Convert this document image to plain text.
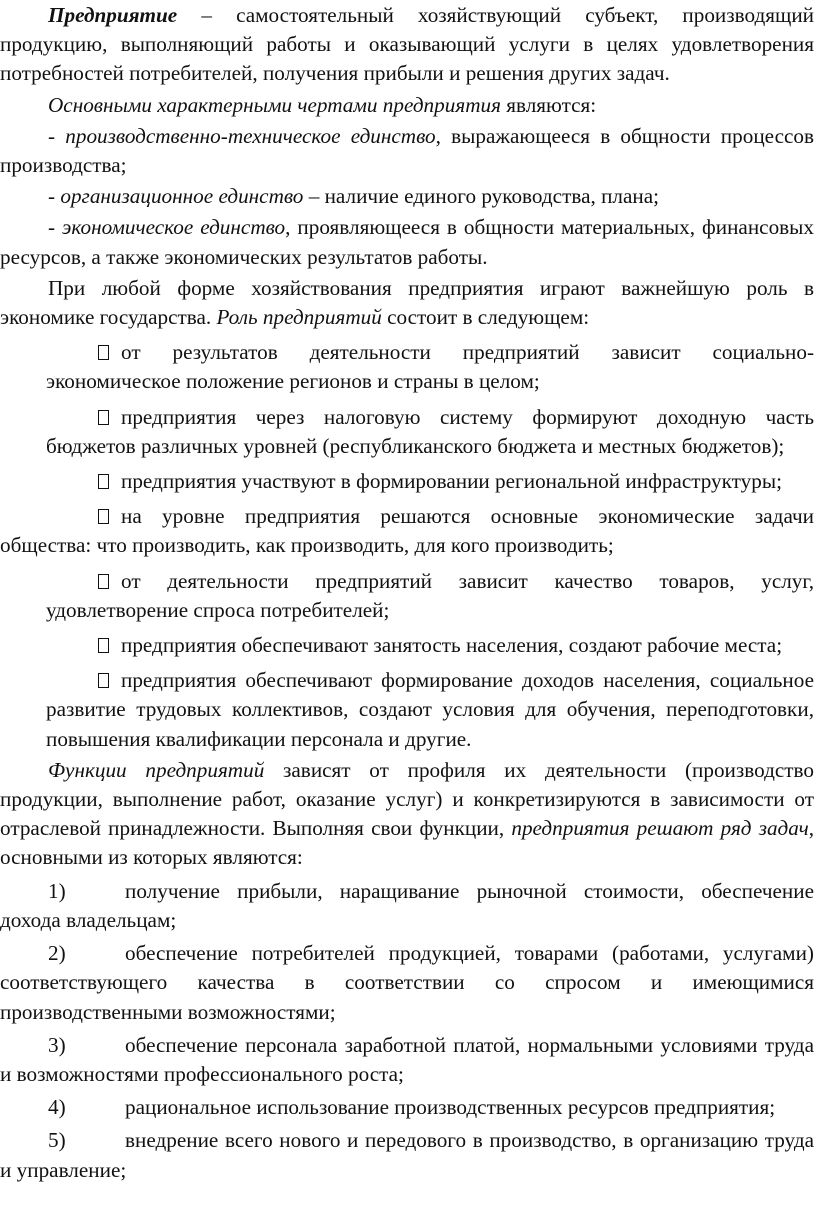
Предприятие – самостоятельный хозяйствующий субъект, производящий продукцию, выполняющий работы и оказывающий услуги в целях удовлетворения потребностей потребителей, получения прибыли и решения других задач.

Основными характерными чертами предприятия являются:

- производственно-техническое единство, выражающееся в общности процессов производства;

- организационное единство – наличие единого руководства, плана;

- экономическое единство, проявляющееся в общности материальных, финансовых ресурсов, а также экономических результатов работы.

При любой форме хозяйствования предприятия играют важнейшую роль в экономике государства. Роль предприятий состоит в следующем:

от результатов деятельности предприятий зависит социально-экономическое положение регионов и страны в целом;

предприятия через налоговую систему формируют доходную часть бюджетов различных уровней (республиканского бюджета и местных бюджетов);

предприятия участвуют в формировании региональной инфраструктуры;

на уровне предприятия решаются основные экономические задачи общества: что производить, как производить, для кого производить;

от деятельности предприятий зависит качество товаров, услуг, удовлетворение спроса потребителей;

предприятия обеспечивают занятость населения, создают рабочие места;

предприятия обеспечивают формирование доходов населения, социальное развитие трудовых коллективов, создают условия для обучения, переподготовки, повышения квалификации персонала и другие.

Функции предприятий зависят от профиля их деятельности (производство продукции, выполнение работ, оказание услуг) и конкретизируются в зависимости от отраслевой принадлежности. Выполняя свои функции, предприятия решают ряд задач, основными из которых являются:

1)	получение прибыли, наращивание рыночной стоимости, обеспечение дохода владельцам;

2)	обеспечение потребителей продукцией, товарами (работами, услугами) соответствующего качества в соответствии со спросом и имеющимися производственными возможностями;

3)	обеспечение персонала заработной платой, нормальными условиями труда и возможностями профессионального роста;

4)	рациональное использование производственных ресурсов предприятия;

5)	внедрение всего нового и передового в производство, в организацию труда и управление;
